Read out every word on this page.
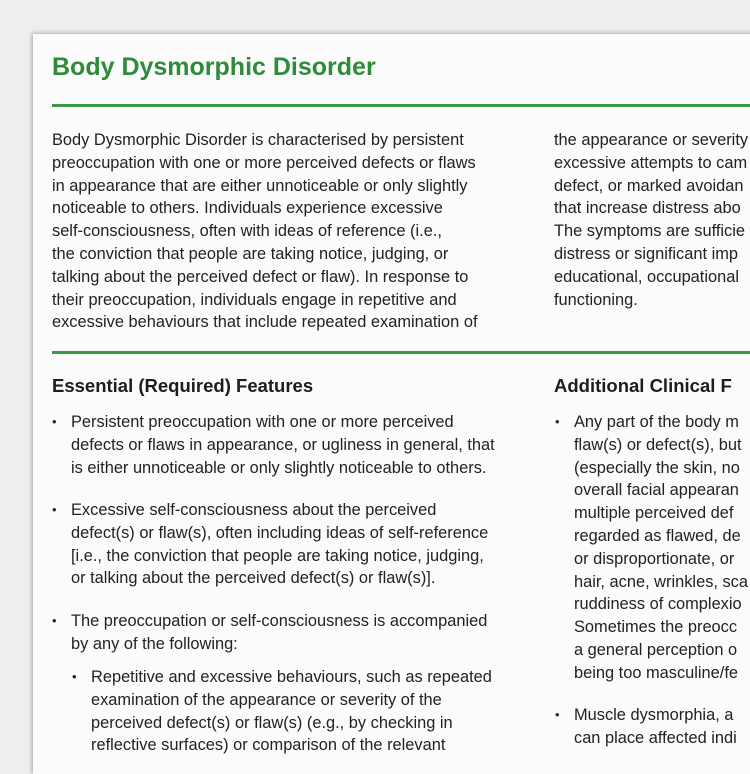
Body Dysmorphic Disorder
Body Dysmorphic Disorder is characterised by persistent
preoccupation with one or more perceived defects or flaws
in appearance that are either unnoticeable or only slightly
noticeable to others. Individuals experience excessive
self-consciousness, often with ideas of reference (i.e.,
the conviction that people are taking notice, judging, or
talking about the perceived defect or flaw). In response to
their preoccupation, individuals engage in repetitive and
excessive behaviours that include repeated examination of
the appearance or severity
excessive attempts to cam
defect, or marked avoidan
that increase distress abo
The symptoms are sufficie
distress or significant imp
educational, occupational
functioning.
Essential (Required) Features
• Persistent preoccupation with one or more perceived
defects or flaws in appearance, or ugliness in general, that
is either unnoticeable or only slightly noticeable to others.
• Excessive self-consciousness about the perceived
defect(s) or flaw(s), often including ideas of self-reference
[i.e., the conviction that people are taking notice, judging,
or talking about the perceived defect(s) or flaw(s)].
• The preoccupation or self-consciousness is accompanied
by any of the following:
• Repetitive and excessive behaviours, such as repeated
examination of the appearance or severity of the
perceived defect(s) or flaw(s) (e.g., by checking in
reflective surfaces) or comparison of the relevant
Additional Clinical F
• Any part of the body m
flaw(s) or defect(s), but
(especially the skin, no
overall facial appearan
multiple perceived def
regarded as flawed, de
or disproportionate, or
hair, acne, wrinkles, sca
ruddiness of complexio
Sometimes the preocc
a general perception o
being too masculine/fe
• Muscle dysmorphia, a
can place affected indi
